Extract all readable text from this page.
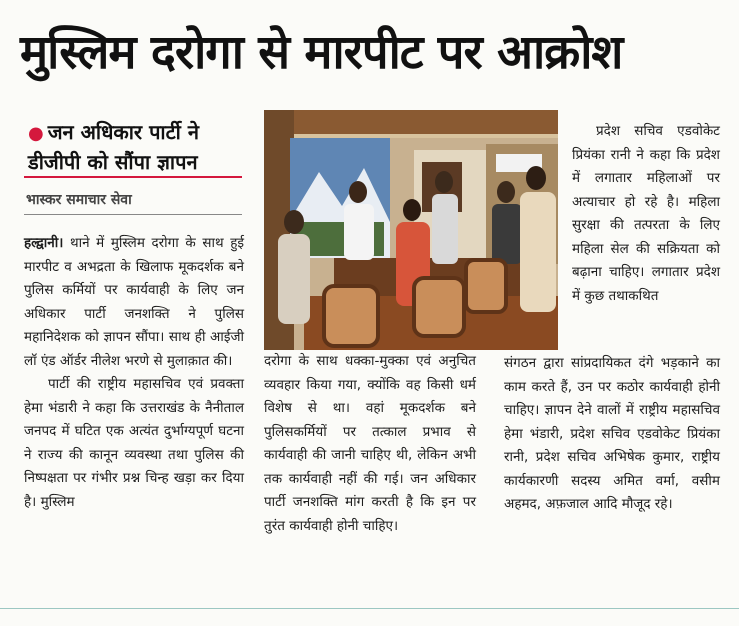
मुस्लिम दरोगा से मारपीट पर आक्रोश
● जन अधिकार पार्टी ने
डीजीपी को सौंपा ज्ञापन
भास्कर समाचार सेवा

हल्द्वानी। थाने में मुस्लिम दरोगा के साथ हुई मारपीट व अभद्रता के खिलाफ मूकदर्शक बने पुलिस कर्मियों पर कार्यवाही के लिए जन अधिकार पार्टी जनशक्ति ने पुलिस महानिदेशक को ज्ञापन सौंपा। साथ ही आईजी लॉ एंड ऑर्डर नीलेश भरणे से मुलाक़ात की।

पार्टी की राष्ट्रीय महासचिव एवं प्रवक्ता हेमा भंडारी ने कहा कि उत्तराखंड के नैनीताल जनपद में घटित एक अत्यंत दुर्भाग्यपूर्ण घटना ने राज्य की कानून व्यवस्था तथा पुलिस की निष्पक्षता पर गंभीर प्रश्न चिन्ह खड़ा कर दिया है। मुस्लिम

दरोगा के साथ धक्का-मुक्का एवं अनुचित व्यवहार किया गया, क्योंकि वह किसी धर्म विशेष से था। वहां मूकदर्शक बने पुलिसकर्मियों पर तत्काल प्रभाव से कार्यवाही की जानी चाहिए थी, लेकिन अभी तक कार्यवाही नहीं की गई। जन अधिकार पार्टी जनशक्ति मांग करती है कि इन पर तुरंत कार्यवाही होनी चाहिए।

प्रदेश सचिव एडवोकेट प्रियंका रानी ने कहा कि प्रदेश में लगातार महिलाओं पर अत्याचार हो रहे है। महिला सुरक्षा की तत्परता के लिए महिला सेल की सक्रियता को बढ़ाना चाहिए। लगातार प्रदेश में कुछ तथाकथित

संगठन द्वारा सांप्रदायिकत दंगे भड़काने का काम करते हैं, उन पर कठोर कार्यवाही होनी चाहिए। ज्ञापन देने वालों में राष्ट्रीय महासचिव हेमा भंडारी, प्रदेश सचिव एडवोकेट प्रियंका रानी, प्रदेश सचिव अभिषेक कुमार, राष्ट्रीय कार्यकारणी सदस्य अमित वर्मा, वसीम अहमद, अफ़जाल आदि मौजूद रहे।
